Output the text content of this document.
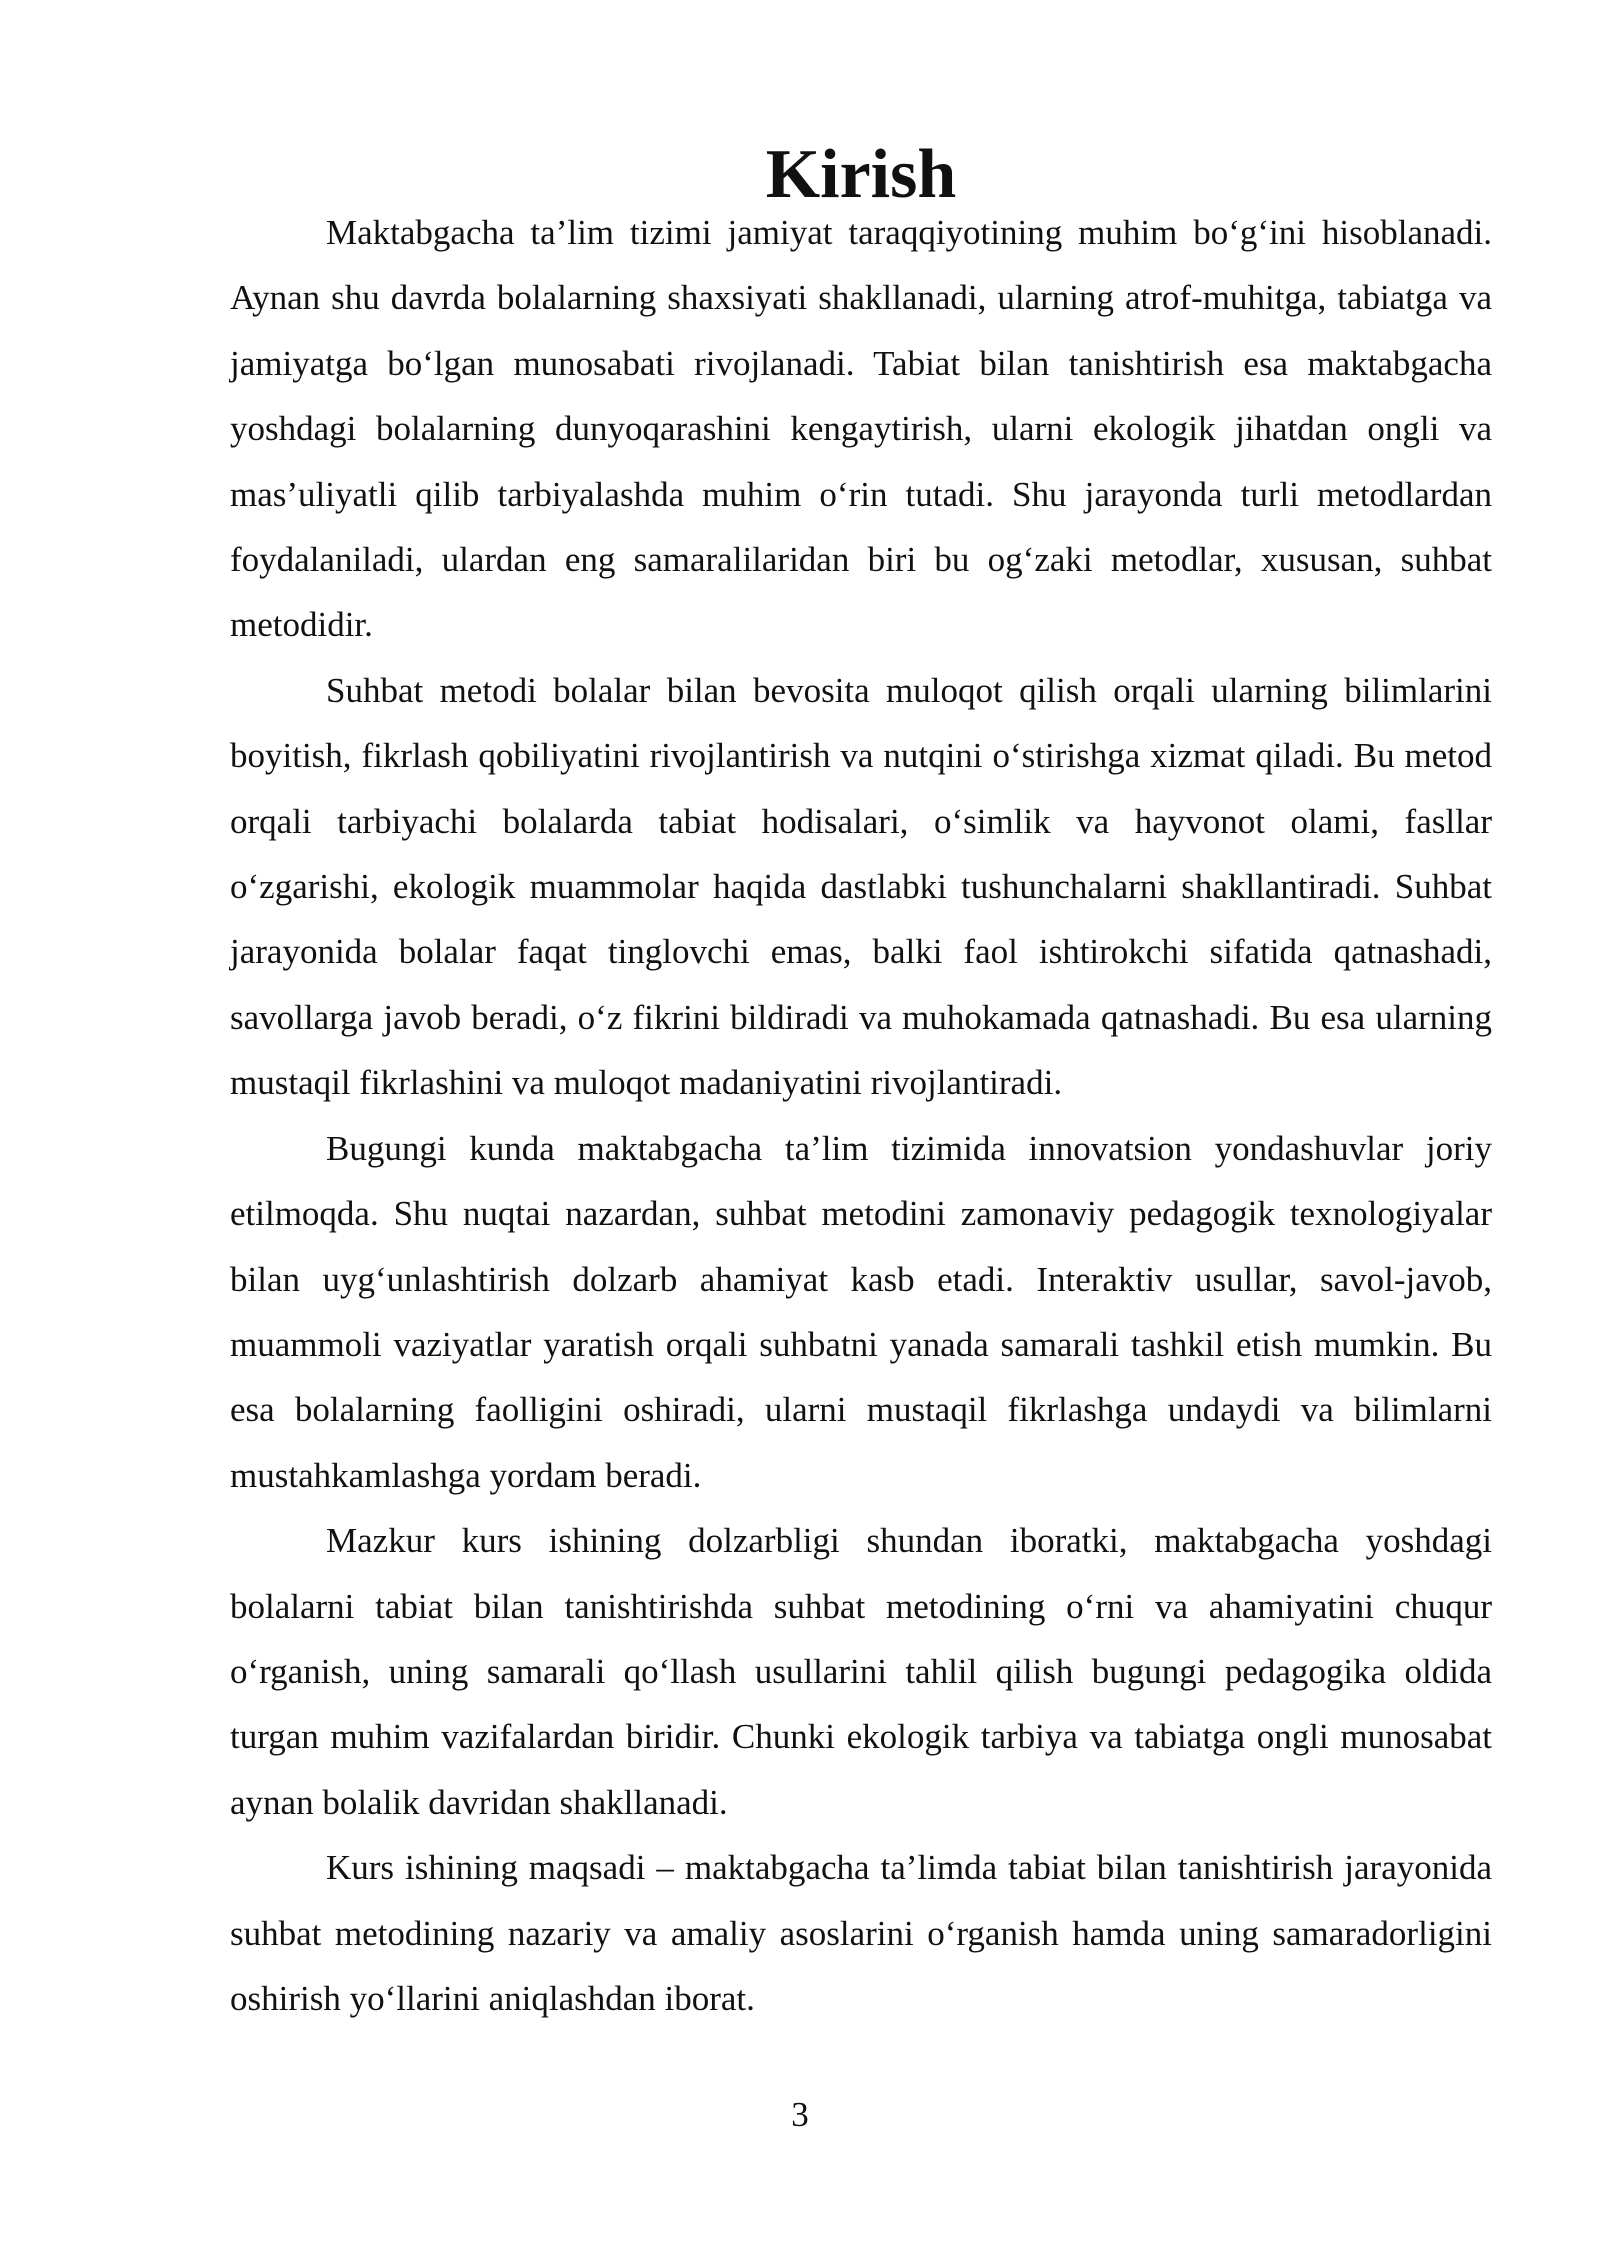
Kirish

Maktabgacha ta’lim tizimi jamiyat taraqqiyotining muhim bo‘g‘ini hisoblanadi. Aynan shu davrda bolalarning shaxsiyati shakllanadi, ularning atrof-muhitga, tabiatga va jamiyatga bo‘lgan munosabati rivojlanadi. Tabiat bilan tanishtirish esa maktabgacha yoshdagi bolalarning dunyoqarashini kengaytirish, ularni ekologik jihatdan ongli va mas’uliyatli qilib tarbiyalashda muhim o‘rin tutadi. Shu jarayonda turli metodlardan foydalaniladi, ulardan eng samaralilaridan biri bu og‘zaki metodlar, xususan, suhbat metodidir.

Suhbat metodi bolalar bilan bevosita muloqot qilish orqali ularning bilimlarini boyitish, fikrlash qobiliyatini rivojlantirish va nutqini o‘stirishga xizmat qiladi. Bu metod orqali tarbiyachi bolalarda tabiat hodisalari, o‘simlik va hayvonot olami, fasllar o‘zgarishi, ekologik muammolar haqida dastlabki tushunchalarni shakllantiradi. Suhbat jarayonida bolalar faqat tinglovchi emas, balki faol ishtirokchi sifatida qatnashadi, savollarga javob beradi, o‘z fikrini bildiradi va muhokamada qatnashadi. Bu esa ularning mustaqil fikrlashini va muloqot madaniyatini rivojlantiradi.

Bugungi kunda maktabgacha ta’lim tizimida innovatsion yondashuvlar joriy etilmoqda. Shu nuqtai nazardan, suhbat metodini zamonaviy pedagogik texnologiyalar bilan uyg‘unlashtirish dolzarb ahamiyat kasb etadi. Interaktiv usullar, savol-javob, muammoli vaziyatlar yaratish orqali suhbatni yanada samarali tashkil etish mumkin. Bu esa bolalarning faolligini oshiradi, ularni mustaqil fikrlashga undaydi va bilimlarni mustahkamlashga yordam beradi.

Mazkur kurs ishining dolzarbligi shundan iboratki, maktabgacha yoshdagi bolalarni tabiat bilan tanishtirishda suhbat metodining o‘rni va ahamiyatini chuqur o‘rganish, uning samarali qo‘llash usullarini tahlil qilish bugungi pedagogika oldida turgan muhim vazifalardan biridir. Chunki ekologik tarbiya va tabiatga ongli munosabat aynan bolalik davridan shakllanadi.

Kurs ishining maqsadi – maktabgacha ta’limda tabiat bilan tanishtirish jarayonida suhbat metodining nazariy va amaliy asoslarini o‘rganish hamda uning samaradorligini oshirish yo‘llarini aniqlashdan iborat.

3
